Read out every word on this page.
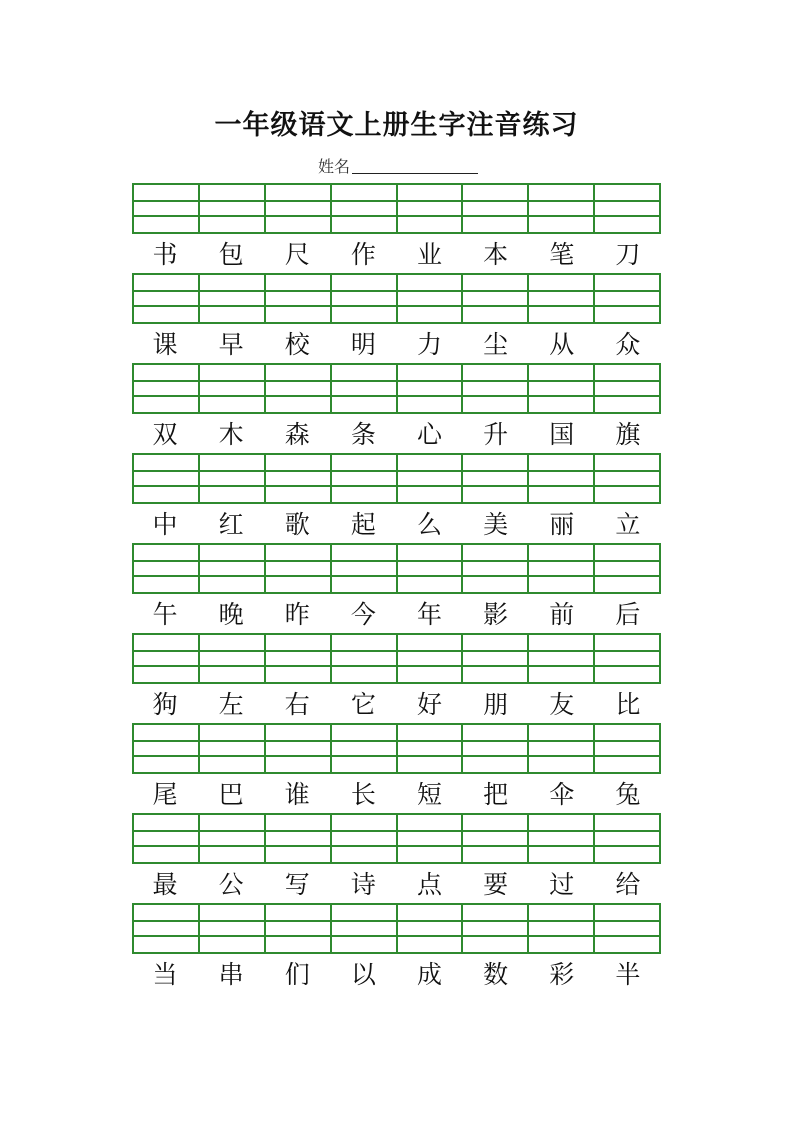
一年级语文上册生字注音练习
姓名
书	包	尺	作	业	本	笔	刀
课	早	校	明	力	尘	从	众
双	木	森	条	心	升	国	旗
中	红	歌	起	么	美	丽	立
午	晚	昨	今	年	影	前	后
狗	左	右	它	好	朋	友	比
尾	巴	谁	长	短	把	伞	兔
最	公	写	诗	点	要	过	给
当	串	们	以	成	数	彩	半
